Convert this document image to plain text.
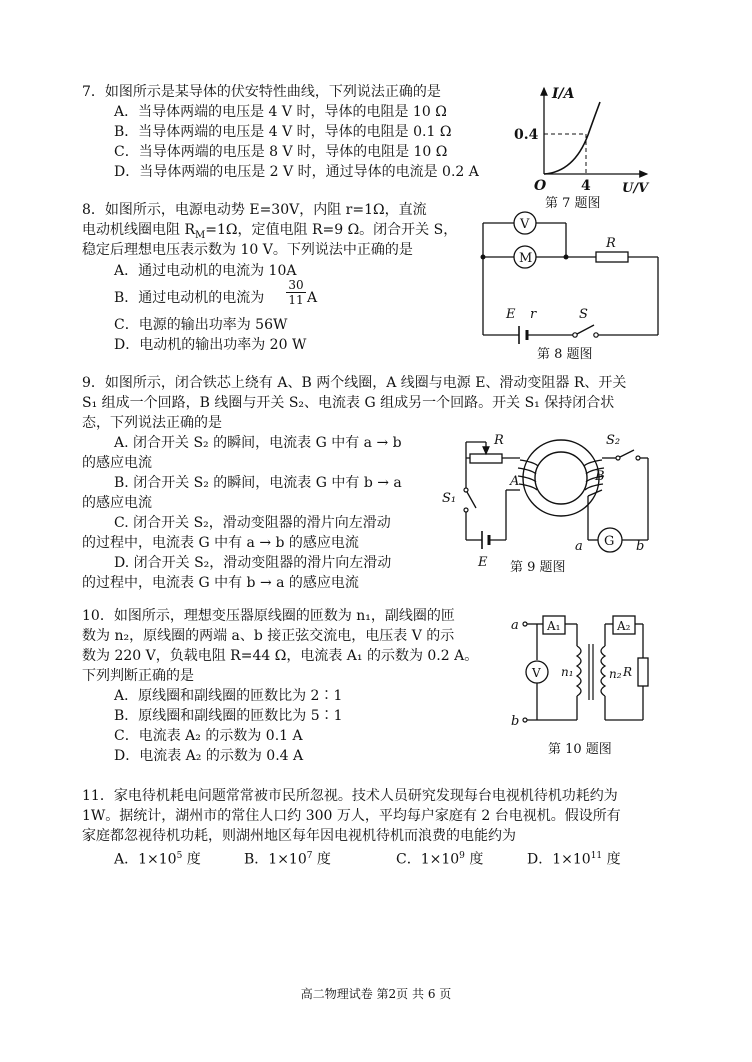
7．如图所示是某导体的伏安特性曲线，下列说法正确的是
A．当导体两端的电压是 4 V 时，导体的电阻是 10 Ω
B．当导体两端的电压是 4 V 时，导体的电阻是 0.1 Ω
C．当导体两端的电压是 8 V 时，导体的电阻是 10 Ω
D．当导体两端的电压是 2 V 时，通过导体的电流是 0.2 A
I/A
0.4
O 4 U/V
第 7 题图
8．如图所示，电源电动势 E=30V，内阻 r=1Ω，直流
电动机线圈电阻 $R_M=1\Omega$，定值电阻 R=9 Ω。闭合开关 S，
稳定后理想电压表示数为 10 V。下列说法中正确的是
A．通过电动机的电流为 10A
B．通过电动机的电流为
30
11 A
C．电源的输出功率为 56W
D．电动机的输出功率为 20 W
V
M
R
E r	S
第 8 题图
9．如图所示，闭合铁芯上绕有 A、B 两个线圈，A 线圈与电源 E、滑动变阻器 R、开关
S₁ 组成一个回路，B 线圈与开关 S₂、电流表 G 组成另一个回路。开关 S₁ 保持闭合状
态，下列说法正确的是
A. 闭合开关 S₂ 的瞬间，电流表 G 中有 a → b
的感应电流
B. 闭合开关 S₂ 的瞬间，电流表 G 中有 b → a
的感应电流
C. 闭合开关 S₂，滑动变阻器的滑片向左滑动
的过程中，电流表 G 中有 a → b 的感应电流
D. 闭合开关 S₂，滑动变阻器的滑片向左滑动
的过程中，电流表 G 中有 b → a 的感应电流
A	B
R
S₁
E
S₂
G
a	b
第 9 题图
10．如图所示，理想变压器原线圈的匝数为 n₁，副线圈的匝
数为 n₂，原线圈的两端 a、b 接正弦交流电，电压表 V 的示
数为 220 V，负载电阻 R=44 Ω，电流表 A₁ 的示数为 0.2 A。
下列判断正确的是
A．原线圈和副线圈的匝数比为 2∶1
B．原线圈和副线圈的匝数比为 5∶1
C．电流表 A₂ 的示数为 0.1 A
D．电流表 A₂ 的示数为 0.4 A
a
b
A₁
V n₁
A₂
R
n₂
第 10 题图
11．家电待机耗电问题常常被市民所忽视。技术人员研究发现每台电视机待机功耗约为
1W。据统计，湖州市的常住人口约 300 万人，平均每户家庭有 2 台电视机。假设所有
家庭都忽视待机功耗，则湖州地区每年因电视机待机而浪费的电能约为
A．$1\times 10^5$ 度	B．$1\times 10^7$ 度	C．$1\times 10^9$ 度	D．$1\times 10^{11}$ 度
高二物理试卷 第2页 共 6 页
